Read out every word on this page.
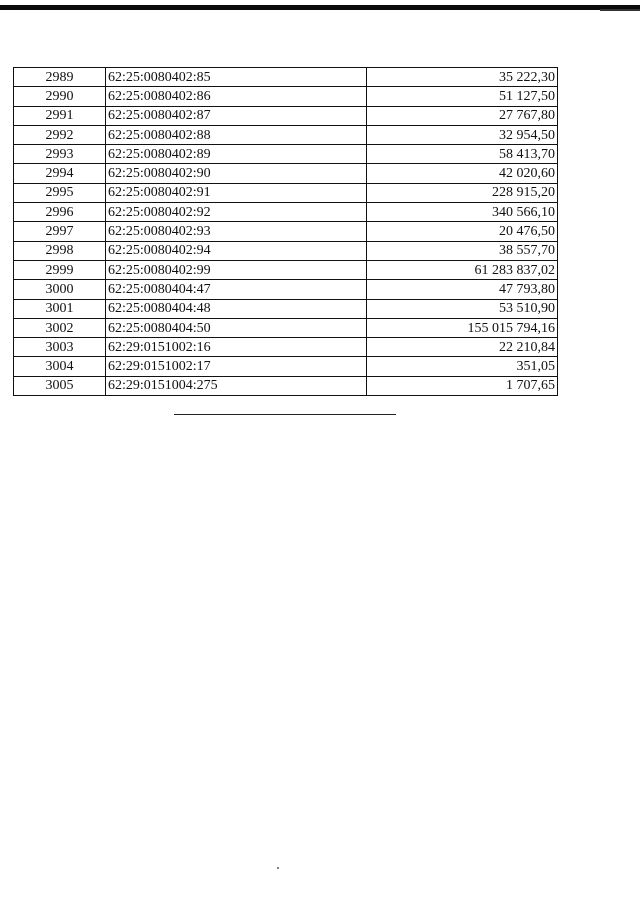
2989	62:25:0080402:85	35 222,30
2990	62:25:0080402:86	51 127,50
2991	62:25:0080402:87	27 767,80
2992	62:25:0080402:88	32 954,50
2993	62:25:0080402:89	58 413,70
2994	62:25:0080402:90	42 020,60
2995	62:25:0080402:91	228 915,20
2996	62:25:0080402:92	340 566,10
2997	62:25:0080402:93	20 476,50
2998	62:25:0080402:94	38 557,70
2999	62:25:0080402:99	61 283 837,02
3000	62:25:0080404:47	47 793,80
3001	62:25:0080404:48	53 510,90
3002	62:25:0080404:50	155 015 794,16
3003	62:29:0151002:16	22 210,84
3004	62:29:0151002:17	351,05
3005	62:29:0151004:275	1 707,65
